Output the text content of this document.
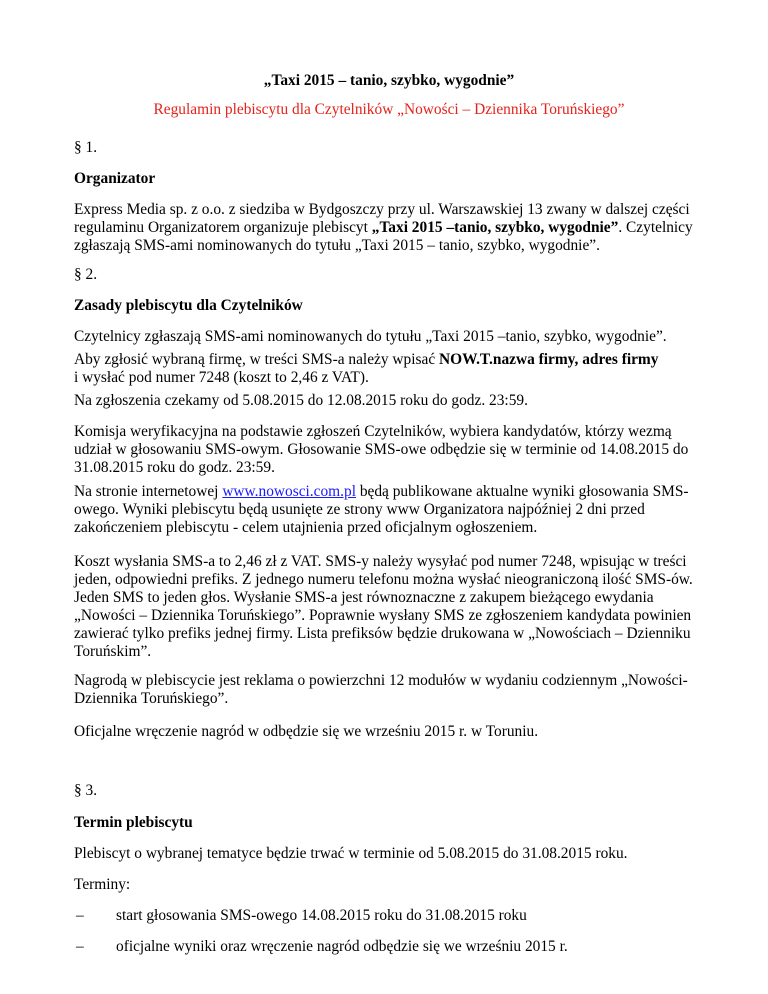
„Taxi 2015 – tanio, szybko, wygodnie”
Regulamin plebiscytu dla Czytelników „Nowości – Dziennika Toruńskiego”
§ 1.
Organizator

Express Media sp. z o.o. z siedziba w Bydgoszczy przy ul. Warszawskiej 13 zwany w dalszej części regulaminu Organizatorem organizuje plebiscyt „Taxi 2015 –tanio, szybko, wygodnie”. Czytelnicy zgłaszają SMS-ami nominowanych do tytułu „Taxi 2015 – tanio, szybko, wygodnie”.

§ 2.
Zasady plebiscytu dla Czytelników

Czytelnicy zgłaszają SMS-ami nominowanych do tytułu „Taxi 2015 –tanio, szybko, wygodnie”.

Aby zgłosić wybraną firmę, w treści SMS-a należy wpisać NOW.T.nazwa firmy, adres firmy
i wysłać pod numer 7248 (koszt to 2,46 z VAT).

Na zgłoszenia czekamy od 5.08.2015 do 12.08.2015 roku do godz. 23:59.

Komisja weryfikacyjna na podstawie zgłoszeń Czytelników, wybiera kandydatów, którzy wezmą udział w głosowaniu SMS-owym. Głosowanie SMS-owe odbędzie się w terminie od 14.08.2015 do 31.08.2015 roku do godz. 23:59.

Na stronie internetowej www.nowosci.com.pl będą publikowane aktualne wyniki głosowania SMS-owego. Wyniki plebiscytu będą usunięte ze strony www Organizatora najpóźniej 2 dni przed zakończeniem plebiscytu - celem utajnienia przed oficjalnym ogłoszeniem.

Koszt wysłania SMS-a to 2,46 zł z VAT. SMS-y należy wysyłać pod numer 7248, wpisując w treści jeden, odpowiedni prefiks. Z jednego numeru telefonu można wysłać nieograniczoną ilość SMS-ów. Jeden SMS to jeden głos. Wysłanie SMS-a jest równoznaczne z zakupem bieżącego ewydania „Nowości – Dziennika Toruńskiego”. Poprawnie wysłany SMS ze zgłoszeniem kandydata powinien zawierać tylko prefiks jednej firmy. Lista prefiksów będzie drukowana w „Nowościach – Dzienniku Toruńskim”.

Nagrodą w plebiscycie jest reklama o powierzchni 12 modułów w wydaniu codziennym „Nowości-Dziennika Toruńskiego”.

Oficjalne wręczenie nagród w odbędzie się we wrześniu 2015 r. w Toruniu.

§ 3.
Termin plebiscytu

Plebiscyt o wybranej tematyce będzie trwać w terminie od 5.08.2015 do 31.08.2015 roku.

Terminy:

– start głosowania SMS-owego 14.08.2015 roku do 31.08.2015 roku
– oficjalne wyniki oraz wręczenie nagród odbędzie się we wrześniu 2015 r.
